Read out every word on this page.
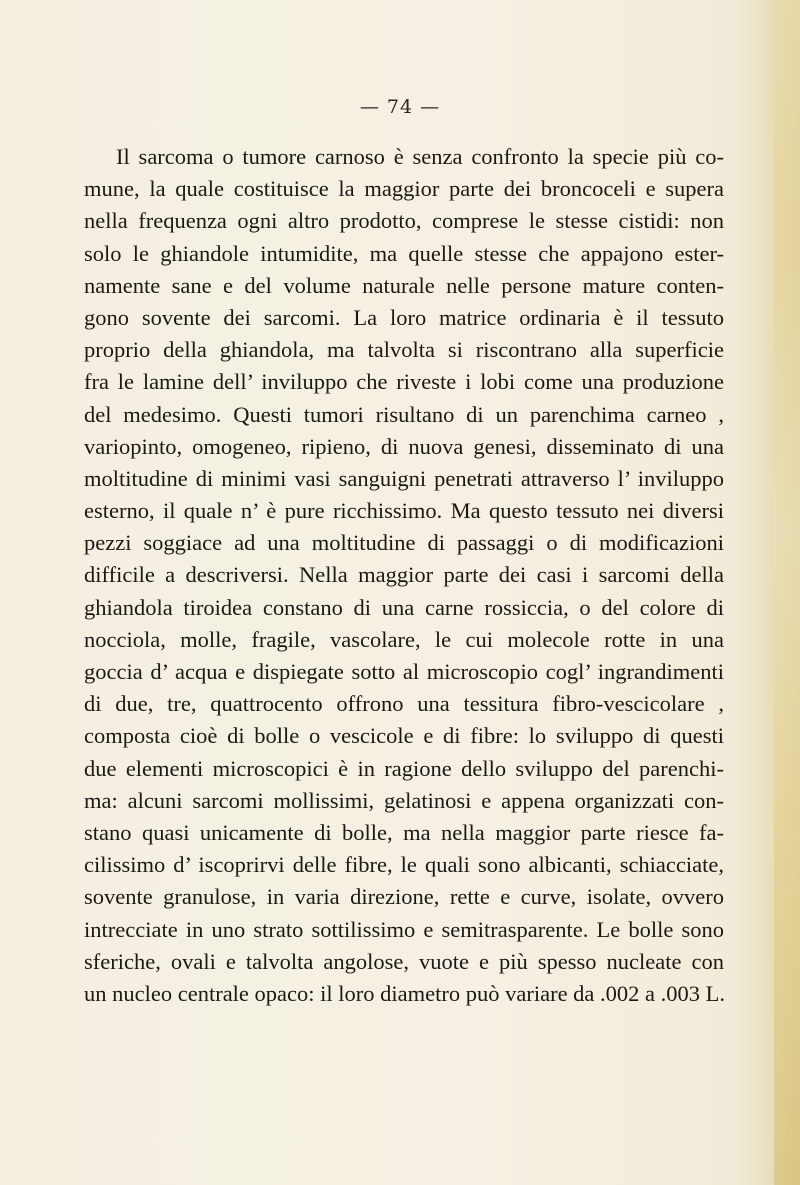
— 74 —
Il sarcoma o tumore carnoso è senza confronto la specie più co-
mune, la quale costituisce la maggior parte dei broncoceli e supera
nella frequenza ogni altro prodotto, comprese le stesse cistidi: non
solo le ghiandole intumidite, ma quelle stesse che appajono ester-
namente sane e del volume naturale nelle persone mature conten-
gono sovente dei sarcomi. La loro matrice ordinaria è il tessuto
proprio della ghiandola, ma talvolta si riscontrano alla superficie
fra le lamine dell’ inviluppo che riveste i lobi come una produzione
del medesimo. Questi tumori risultano di un parenchima carneo ,
variopinto, omogeneo, ripieno, di nuova genesi, disseminato di una
moltitudine di minimi vasi sanguigni penetrati attraverso l’ inviluppo
esterno, il quale n’ è pure ricchissimo. Ma questo tessuto nei diversi
pezzi soggiace ad una moltitudine di passaggi o di modificazioni
difficile a descriversi. Nella maggior parte dei casi i sarcomi della
ghiandola tiroidea constano di una carne rossiccia, o del colore di
nocciola, molle, fragile, vascolare, le cui molecole rotte in una
goccia d’ acqua e dispiegate sotto al microscopio cogl’ ingrandimenti
di due, tre, quattrocento offrono una tessitura fibro-vescicolare ,
composta cioè di bolle o vescicole e di fibre: lo sviluppo di questi
due elementi microscopici è in ragione dello sviluppo del parenchi-
ma: alcuni sarcomi mollissimi, gelatinosi e appena organizzati con-
stano quasi unicamente di bolle, ma nella maggior parte riesce fa-
cilissimo d’ iscoprirvi delle fibre, le quali sono albicanti, schiacciate,
sovente granulose, in varia direzione, rette e curve, isolate, ovvero
intrecciate in uno strato sottilissimo e semitrasparente. Le bolle sono
sferiche, ovali e talvolta angolose, vuote e più spesso nucleate con
un nucleo centrale opaco: il loro diametro può variare da .002 a .003 L.
